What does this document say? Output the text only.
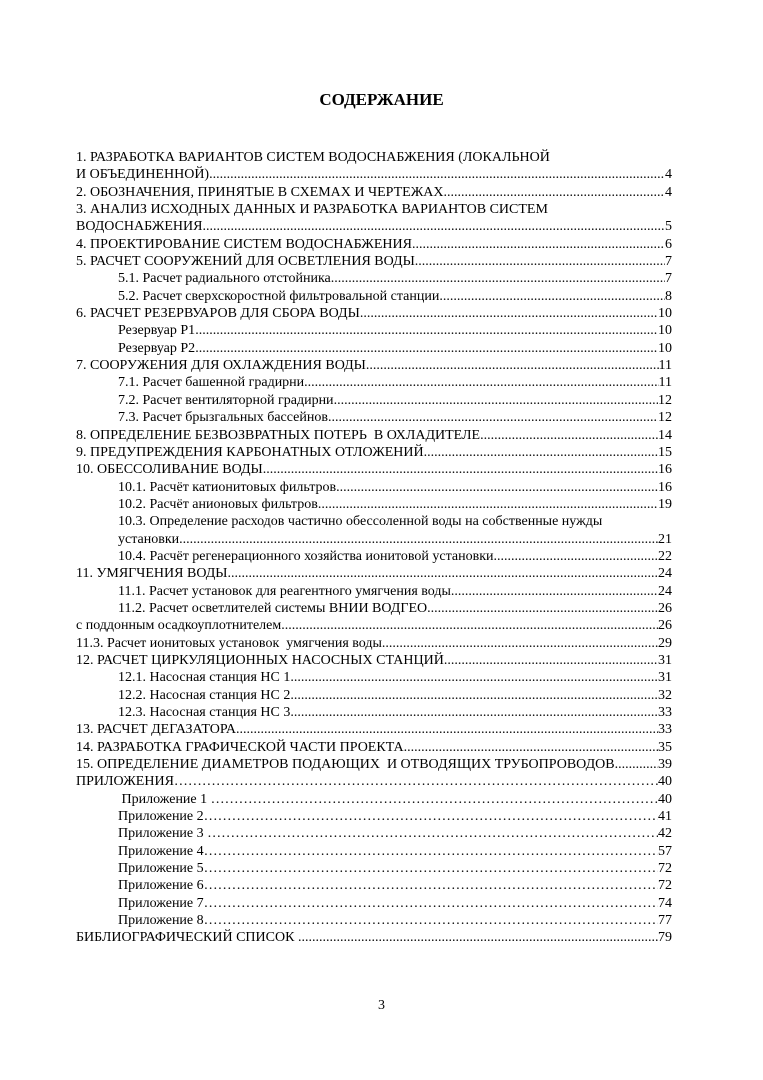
СОДЕРЖАНИЕ
1. РАЗРАБОТКА ВАРИАНТОВ СИСТЕМ ВОДОСНАБЖЕНИЯ (ЛОКАЛЬНОЙ
И ОБЪЕДИНЕННОЙ) .....	4
2. ОБОЗНАЧЕНИЯ, ПРИНЯТЫЕ В СХЕМАХ И ЧЕРТЕЖАХ .....	4
3. АНАЛИЗ ИСХОДНЫХ ДАННЫХ И РАЗРАБОТКА ВАРИАНТОВ СИСТЕМ
ВОДОСНАБЖЕНИЯ .....	5
4. ПРОЕКТИРОВАНИЕ СИСТЕМ ВОДОСНАБЖЕНИЯ .....	6
5. РАСЧЕТ СООРУЖЕНИЙ ДЛЯ ОСВЕТЛЕНИЯ ВОДЫ .....	7
5.1. Расчет радиального отстойника .....	7
5.2. Расчет сверхскоростной фильтровальной станции .....	8
6. РАСЧЕТ РЕЗЕРВУАРОВ ДЛЯ СБОРА ВОДЫ .....	10
Резервуар Р1 .....	10
Резервуар Р2 .....	10
7. СООРУЖЕНИЯ ДЛЯ ОХЛАЖДЕНИЯ ВОДЫ .....	11
7.1. Расчет башенной градирни .....	11
7.2. Расчет вентиляторной градирни .....	12
7.3. Расчет брызгальных бассейнов .....	12
8. ОПРЕДЕЛЕНИЕ БЕЗВОЗВРАТНЫХ ПОТЕРЬ  В ОХЛАДИТЕЛЕ .....	14
9. ПРЕДУПРЕЖДЕНИЯ КАРБОНАТНЫХ ОТЛОЖЕНИЙ .....	15
10. ОБЕССОЛИВАНИЕ ВОДЫ .....	16
10.1. Расчёт катионитовых фильтров .....	16
10.2. Расчёт анионовых фильтров .....	19
10.3. Определение расходов частично обессоленной воды на собственные нужды
установки .....	21
10.4. Расчёт регенерационного хозяйства ионитовой установки .....	22
11. УМЯГЧЕНИЯ ВОДЫ .....	24
11.1. Расчет установок для реагентного умягчения воды .....	24
11.2. Расчет осветлителей системы ВНИИ ВОДГЕО .....	26
с поддонным осадкоуплотнителем .....	26
11.3. Расчет ионитовых установок  умягчения воды .....	29
12. РАСЧЕТ ЦИРКУЛЯЦИОННЫХ НАСОСНЫХ СТАНЦИЙ .....	31
12.1. Насосная станция НС 1 .....	31
12.2. Насосная станция НС 2 .....	32
12.3. Насосная станция НС 3 .....	33
13. РАСЧЕТ ДЕГАЗАТОРА .....	33
14. РАЗРАБОТКА ГРАФИЧЕСКОЙ ЧАСТИ ПРОЕКТА .....	35
15. ОПРЕДЕЛЕНИЕ ДИАМЕТРОВ ПОДАЮЩИХ  И ОТВОДЯЩИХ ТРУБОПРОВОДОВ .....	39
ПРИЛОЖЕНИЯ …………………………………………………………………………………………………………………………………………………………………………………………	40
Приложение 1 …………………………………………………………………………………………………………………………………………………………………………………………	40
Приложение 2 …………………………………………………………………………………………………………………………………………………………………………………………	41
Приложение 3 …………………………………………………………………………………………………………………………………………………………………………………………	42
Приложение 4 …………………………………………………………………………………………………………………………………………………………………………………………	57
Приложение 5 …………………………………………………………………………………………………………………………………………………………………………………………	72
Приложение 6 …………………………………………………………………………………………………………………………………………………………………………………………	72
Приложение 7 …………………………………………………………………………………………………………………………………………………………………………………………	74
Приложение 8 …………………………………………………………………………………………………………………………………………………………………………………………	77
БИБЛИОГРАФИЧЕСКИЙ СПИСОК .....	79
3
